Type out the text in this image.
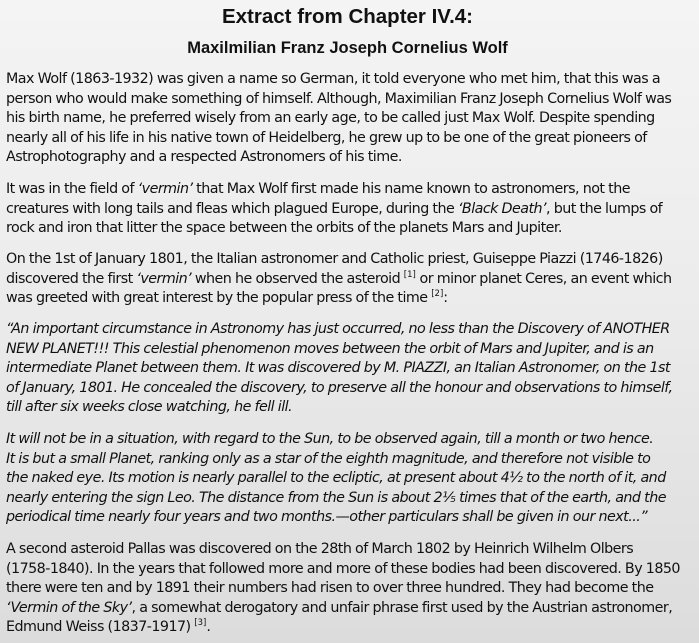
Extract from Chapter IV.4:
Maxilmilian Franz Joseph Cornelius Wolf
Max Wolf (1863-1932) was given a name so German, it told everyone who met him, that this was a
person who would make something of himself. Although, Maximilian Franz Joseph Cornelius Wolf was
his birth name, he preferred wisely from an early age, to be called just Max Wolf. Despite spending
nearly all of his life in his native town of Heidelberg, he grew up to be one of the great pioneers of
Astrophotography and a respected Astronomers of his time.
It was in the field of ‘vermin’ that Max Wolf first made his name known to astronomers, not the
creatures with long tails and fleas which plagued Europe, during the ‘Black Death’, but the lumps of
rock and iron that litter the space between the orbits of the planets Mars and Jupiter.
On the 1st of January 1801, the Italian astronomer and Catholic priest, Guiseppe Piazzi (1746-1826)
discovered the first ‘vermin’ when he observed the asteroid [1] or minor planet Ceres, an event which
was greeted with great interest by the popular press of the time [2]:
“An important circumstance in Astronomy has just occurred, no less than the Discovery of ANOTHER
NEW PLANET!!! This celestial phenomenon moves between the orbit of Mars and Jupiter, and is an
intermediate Planet between them. It was discovered by M. PIAZZI, an Italian Astronomer, on the 1st
of January, 1801. He concealed the discovery, to preserve all the honour and observations to himself,
till after six weeks close watching, he fell ill.
It will not be in a situation, with regard to the Sun, to be observed again, till a month or two hence.
It is but a small Planet, ranking only as a star of the eighth magnitude, and therefore not visible to
the naked eye. Its motion is nearly parallel to the ecliptic, at present about 4½ to the north of it, and
nearly entering the sign Leo. The distance from the Sun is about 2⅕ times that of the earth, and the
periodical time nearly four years and two months.—other particulars shall be given in our next...”
A second asteroid Pallas was discovered on the 28th of March 1802 by Heinrich Wilhelm Olbers
(1758-1840). In the years that followed more and more of these bodies had been discovered. By 1850
there were ten and by 1891 their numbers had risen to over three hundred. They had become the
‘Vermin of the Sky’, a somewhat derogatory and unfair phrase first used by the Austrian astronomer,
Edmund Weiss (1837-1917) [3].
